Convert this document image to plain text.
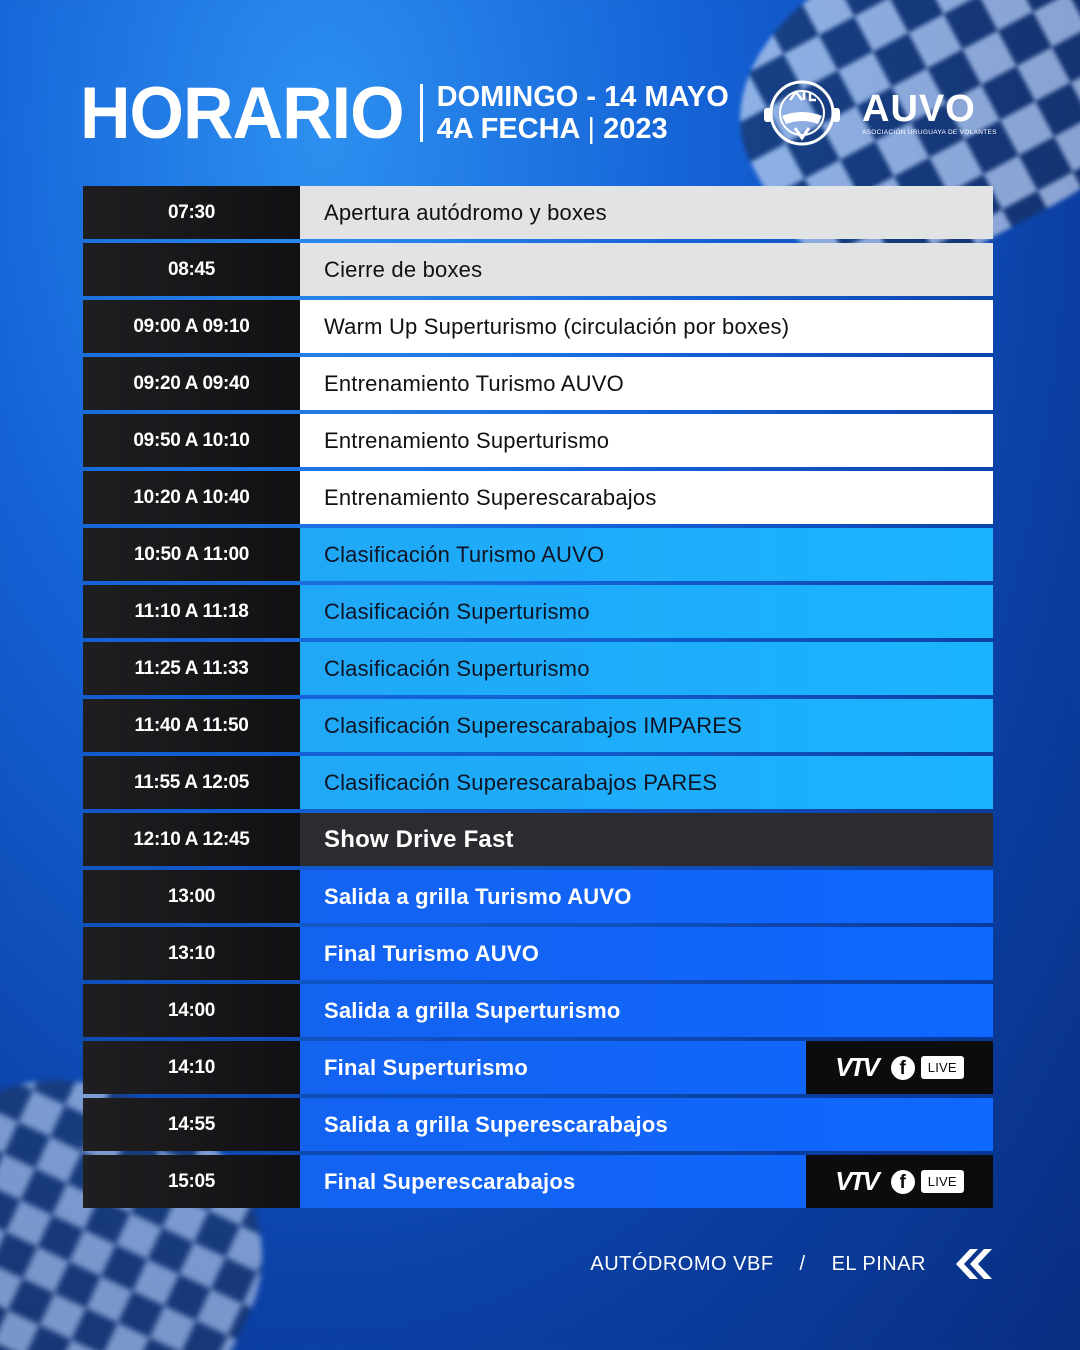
HORARIO DOMINGO - 14 MAYO
4A FECHA | 2023	AUVO
ASOCIACIÓN URUGUAYA DE VOLANTES
07:30	Apertura autódromo y boxes
08:45	Cierre de boxes
09:00 A 09:10	Warm Up Superturismo (circulación por boxes)
09:20 A 09:40	Entrenamiento Turismo AUVO
09:50 A 10:10	Entrenamiento Superturismo
10:20 A 10:40	Entrenamiento Superescarabajos
10:50 A 11:00	Clasificación Turismo AUVO
11:10 A 11:18	Clasificación Superturismo
11:25 A 11:33	Clasificación Superturismo
11:40 A 11:50	Clasificación Superescarabajos IMPARES
11:55 A 12:05	Clasificación Superescarabajos PARES
12:10 A 12:45	Show Drive Fast
13:00	Salida a grilla Turismo AUVO
13:10	Final Turismo AUVO
14:00	Salida a grilla Superturismo
14:10	Final Superturismo	VTV	f	LIVE
14:55	Salida a grilla Superescarabajos
15:05	Final Superescarabajos	VTV	f	LIVE
AUTÓDROMO VBF / EL PINAR
